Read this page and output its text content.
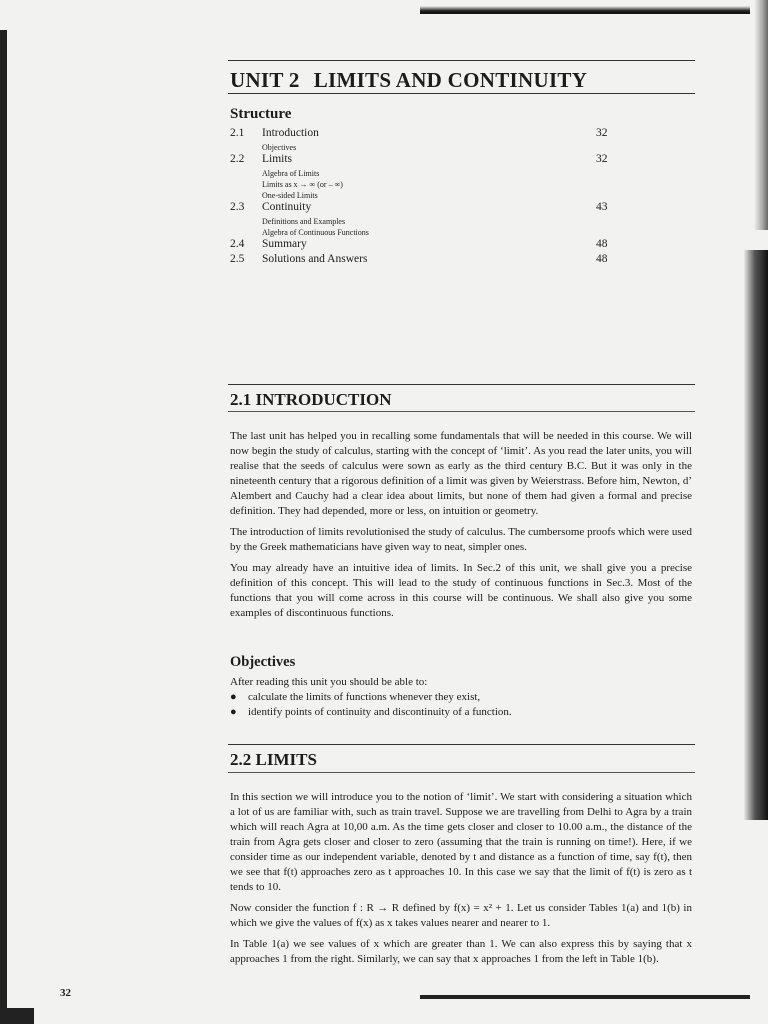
UNIT 2 LIMITS AND CONTINUITY
Structure
2.1	Introduction	32
Objectives
2.2	Limits	32
Algebra of Limits
Limits as x → ∞ (or – ∞)
One-sided Limits
2.3	Continuity	43
Definitions and Examples
Algebra of Continuous Functions
2.4	Summary	48
2.5	Solutions and Answers	48
2.1 INTRODUCTION

The last unit has helped you in recalling some fundamentals that will be needed in this course. We will now begin the study of calculus, starting with the concept of ‘limit’. As you read the later units, you will realise that the seeds of calculus were sown as early as the third century B.C. But it was only in the nineteenth century that a rigorous definition of a limit was given by Weierstrass. Before him, Newton, d’ Alembert and Cauchy had a clear idea about limits, but none of them had given a formal and precise definition. They had depended, more or less, on intuition or geometry.

The introduction of limits revolutionised the study of calculus. The cumbersome proofs which were used by the Greek mathematicians have given way to neat, simpler ones.

You may already have an intuitive idea of limits. In Sec.2 of this unit, we shall give you a precise definition of this concept. This will lead to the study of continuous functions in Sec.3. Most of the functions that you will come across in this course will be continuous. We shall also give you some examples of discontinuous functions.

Objectives
After reading this unit you should be able to:
●	calculate the limits of functions whenever they exist,
●	identify points of continuity and discontinuity of a function.
2.2 LIMITS

In this section we will introduce you to the notion of ‘limit’. We start with considering a situation which a lot of us are familiar with, such as train travel. Suppose we are travelling from Delhi to Agra by a train which will reach Agra at 10,00 a.m. As the time gets closer and closer to 10.00 a.m., the distance of the train from Agra gets closer and closer to zero (assuming that the train is running on time!). Here, if we consider time as our independent variable, denoted by t and distance as a function of time, say f(t), then we see that f(t) approaches zero as t approaches 10. In this case we say that the limit of f(t) is zero as t tends to 10.

Now consider the function f : R → R defined by f(x) = x² + 1. Let us consider Tables 1(a) and 1(b) in which we give the values of f(x) as x takes values nearer and nearer to 1.

In Table 1(a) we see values of x which are greater than 1. We can also express this by saying that x approaches 1 from the right. Similarly, we can say that x approaches 1 from the left in Table 1(b).

32
